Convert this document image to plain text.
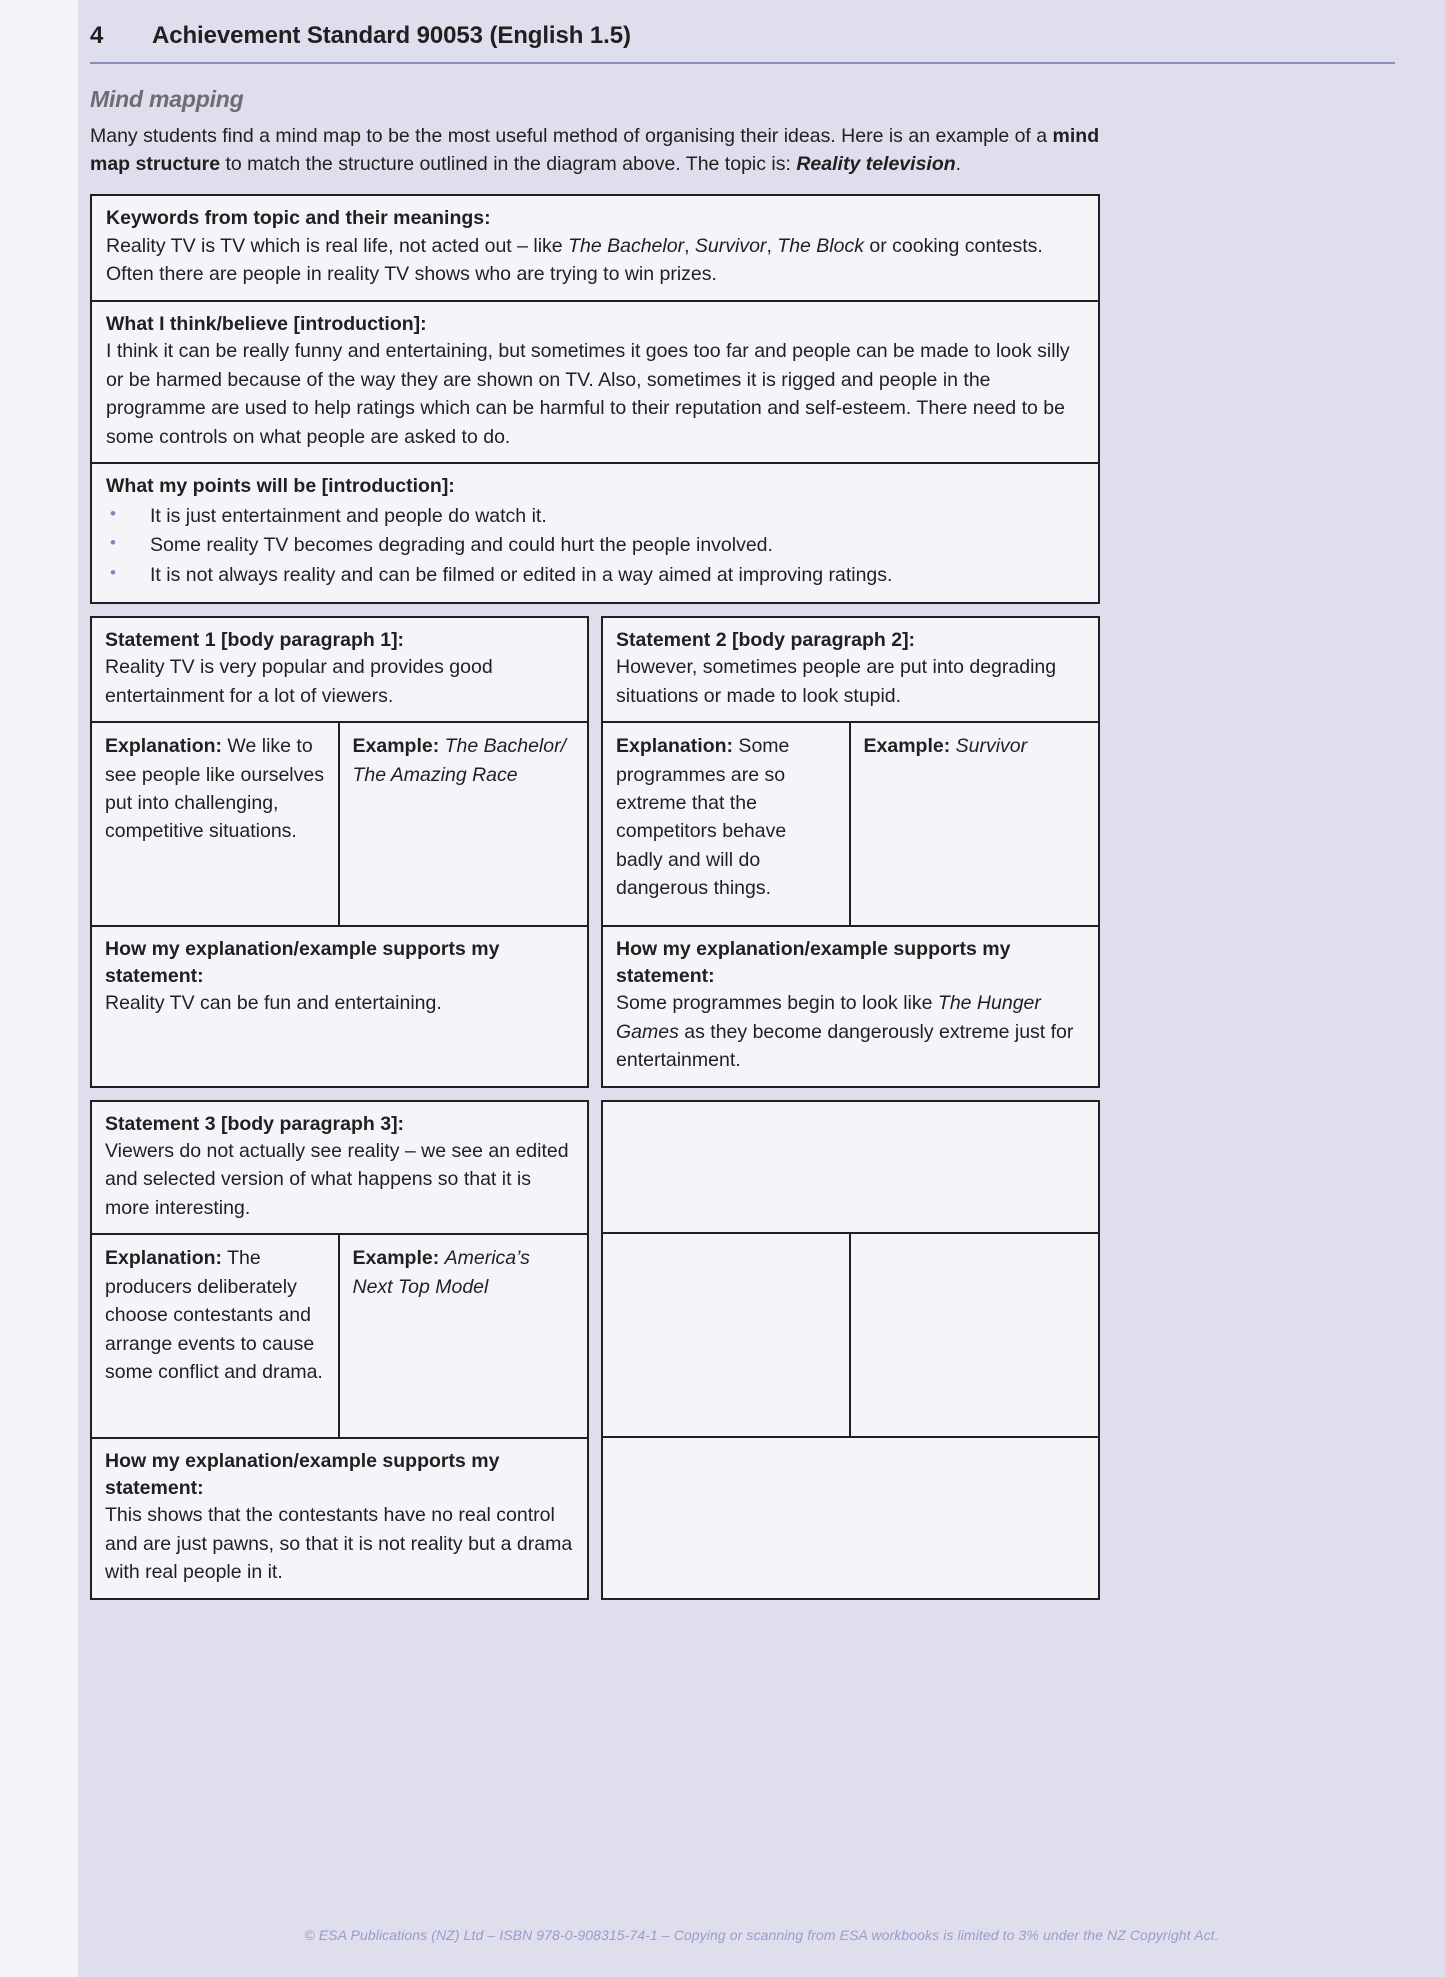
4	Achievement Standard 90053 (English 1.5)
Mind mapping
Many students find a mind map to be the most useful method of organising their ideas. Here is an example of a mind map structure to match the structure outlined in the diagram above. The topic is: Reality television.
Keywords from topic and their meanings:
Reality TV is TV which is real life, not acted out – like The Bachelor, Survivor, The Block or cooking contests.
Often there are people in reality TV shows who are trying to win prizes.
What I think/believe [introduction]:
I think it can be really funny and entertaining, but sometimes it goes too far and people can be made to look silly or be harmed because of the way they are shown on TV. Also, sometimes it is rigged and people in the programme are used to help ratings which can be harmful to their reputation and self-esteem. There need to be some controls on what people are asked to do.
What my points will be [introduction]:
• It is just entertainment and people do watch it.
• Some reality TV becomes degrading and could hurt the people involved.
• It is not always reality and can be filmed or edited in a way aimed at improving ratings.
Statement 1 [body paragraph 1]:
Reality TV is very popular and provides good entertainment for a lot of viewers.
Explanation: We like to see people like ourselves put into challenging, competitive situations.
Example: The Bachelor/ The Amazing Race
How my explanation/example supports my statement:
Reality TV can be fun and entertaining.
Statement 2 [body paragraph 2]:
However, sometimes people are put into degrading situations or made to look stupid.
Explanation: Some programmes are so extreme that the competitors behave badly and will do dangerous things.
Example: Survivor
How my explanation/example supports my statement:
Some programmes begin to look like The Hunger Games as they become dangerously extreme just for entertainment.
Statement 3 [body paragraph 3]:
Viewers do not actually see reality – we see an edited and selected version of what happens so that it is more interesting.
Explanation: The producers deliberately choose contestants and arrange events to cause some conflict and drama.
Example: America’s Next Top Model
How my explanation/example supports my statement:
This shows that the contestants have no real control and are just pawns, so that it is not reality but a drama with real people in it.
© ESA Publications (NZ) Ltd – ISBN 978-0-908315-74-1 – Copying or scanning from ESA workbooks is limited to 3% under the NZ Copyright Act.
